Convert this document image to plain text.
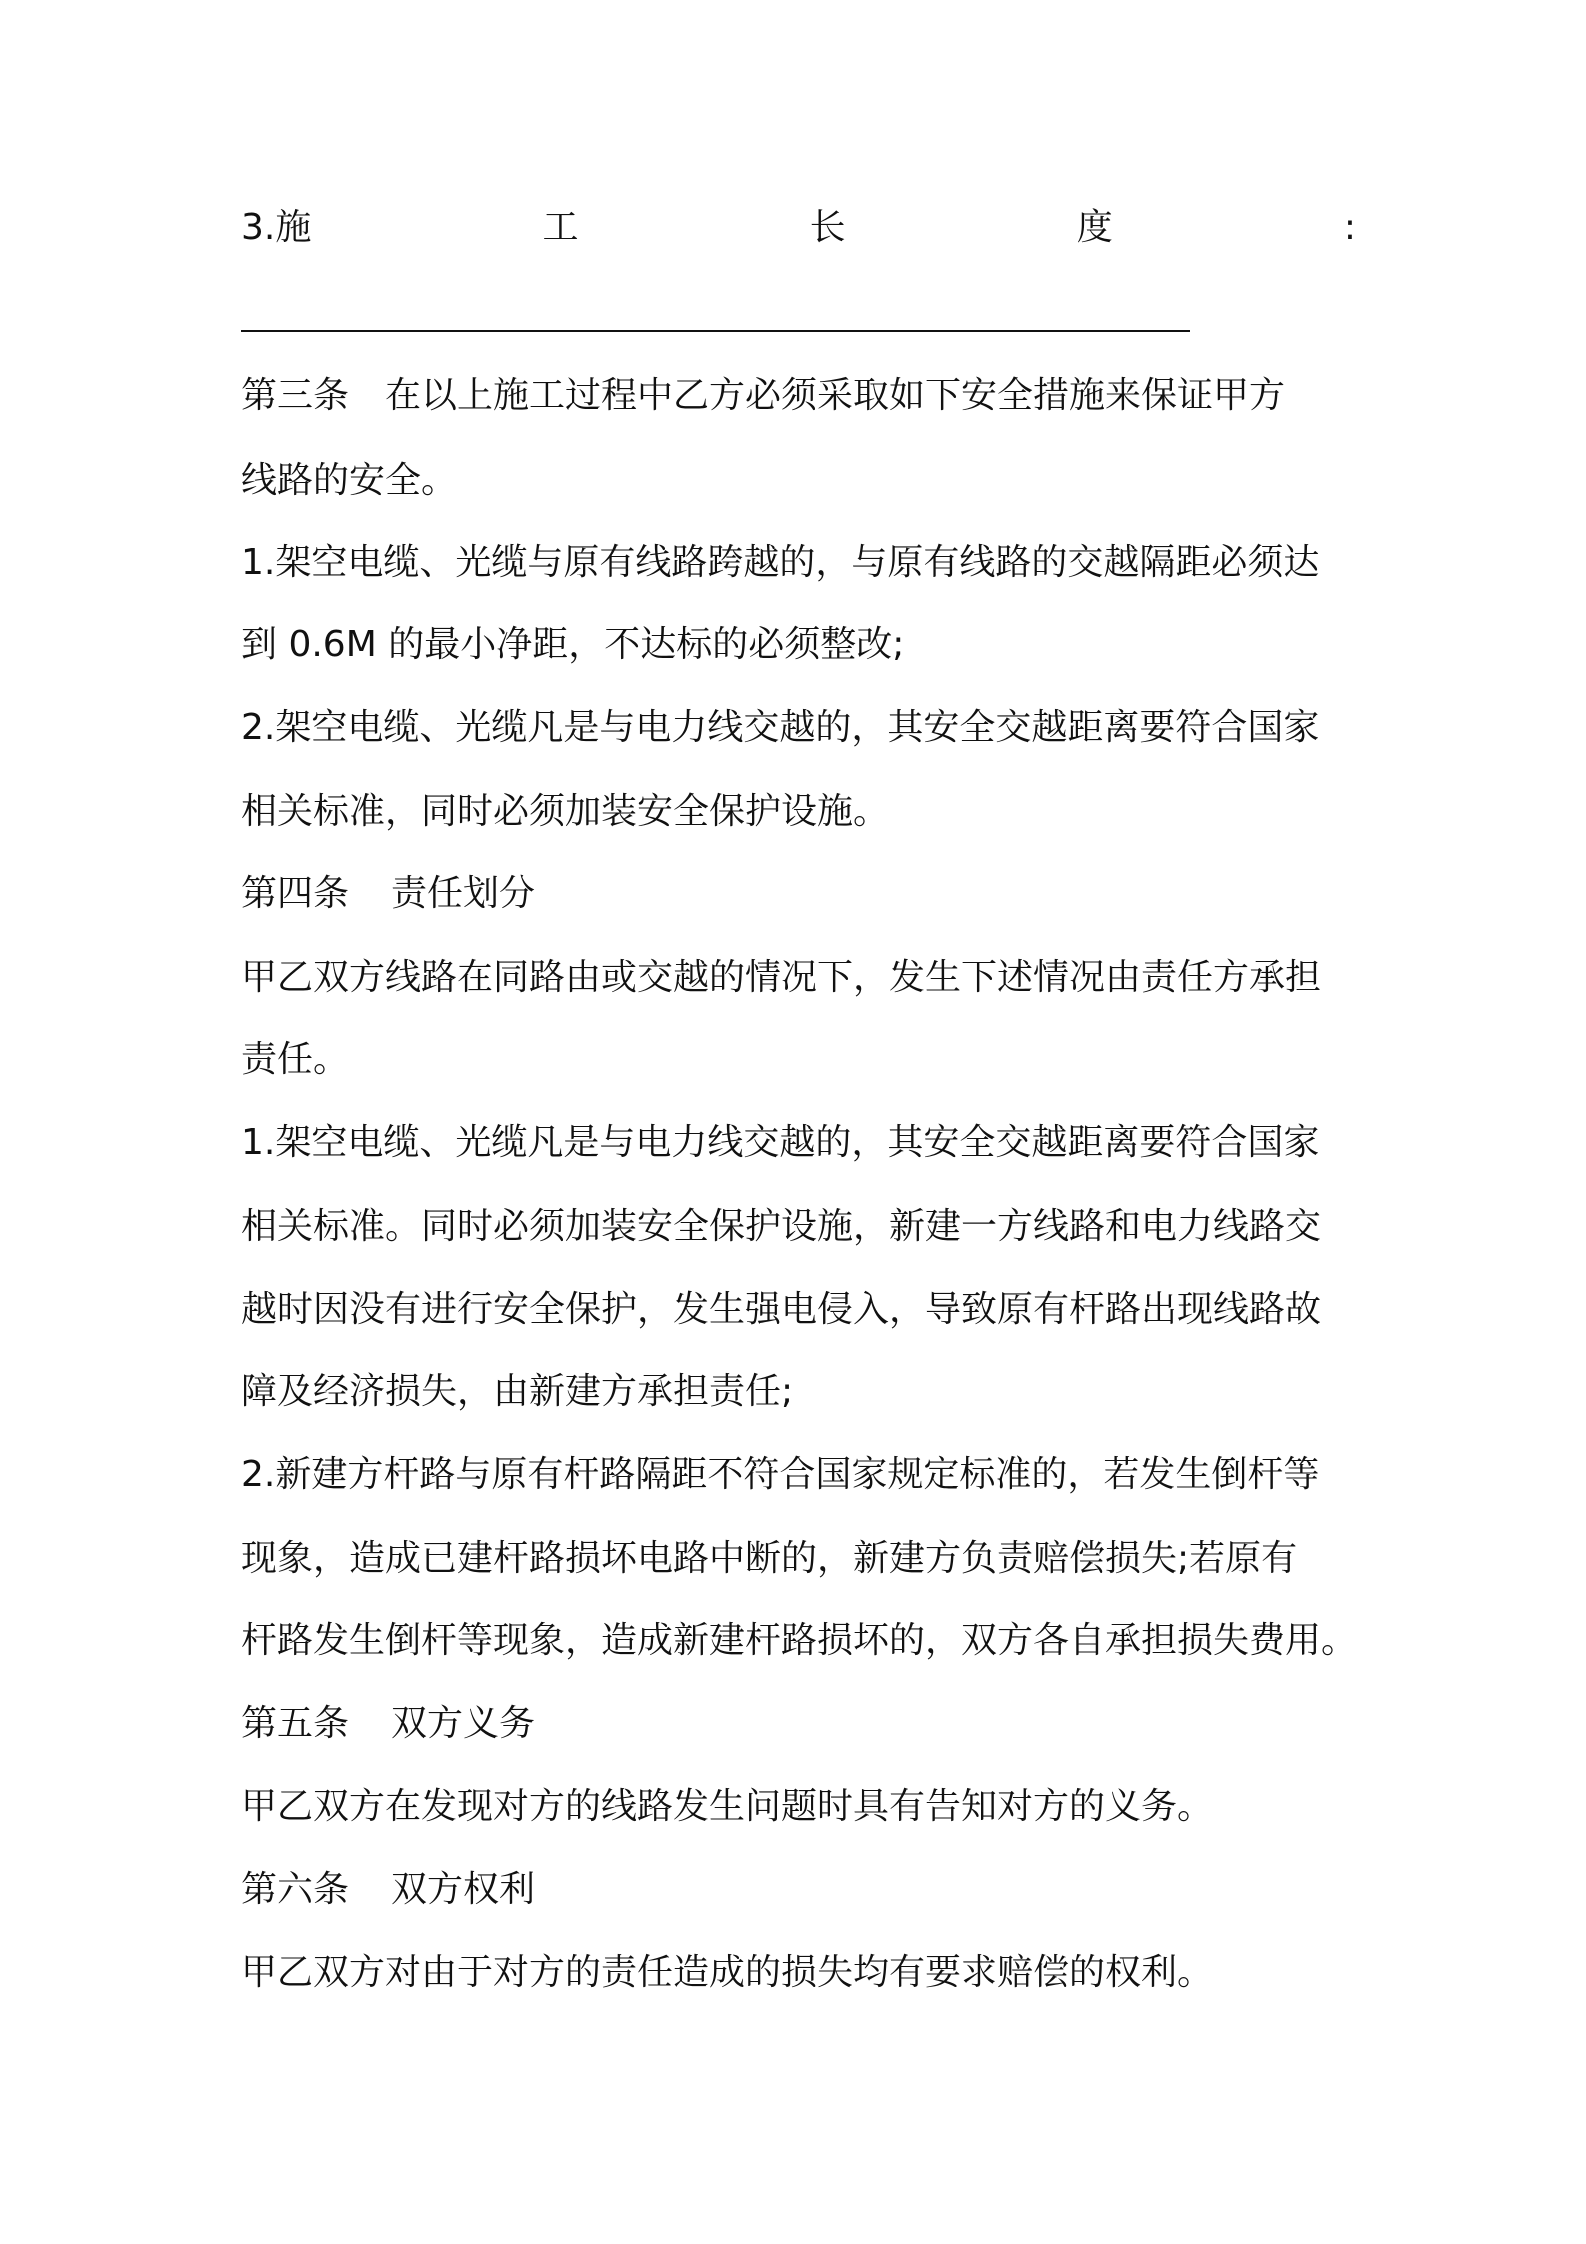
3.施	工	长	度	:
第三条　在以上施工过程中乙方必须采取如下安全措施来保证甲方
线路的安全。
1.架空电缆、光缆与原有线路跨越的，与原有线路的交越隔距必须达
到 0.6M 的最小净距，不达标的必须整改;
2.架空电缆、光缆凡是与电力线交越的，其安全交越距离要符合国家
相关标准，同时必须加装安全保护设施。
第四条	责任划分
甲乙双方线路在同路由或交越的情况下，发生下述情况由责任方承担
责任。
1.架空电缆、光缆凡是与电力线交越的，其安全交越距离要符合国家
相关标准。同时必须加装安全保护设施，新建一方线路和电力线路交
越时因没有进行安全保护，发生强电侵入，导致原有杆路出现线路故
障及经济损失，由新建方承担责任;
2.新建方杆路与原有杆路隔距不符合国家规定标准的，若发生倒杆等
现象，造成已建杆路损坏电路中断的，新建方负责赔偿损失;若原有
杆路发生倒杆等现象，造成新建杆路损坏的，双方各自承担损失费用。
第五条	双方义务
甲乙双方在发现对方的线路发生问题时具有告知对方的义务。
第六条	双方权利
甲乙双方对由于对方的责任造成的损失均有要求赔偿的权利。
